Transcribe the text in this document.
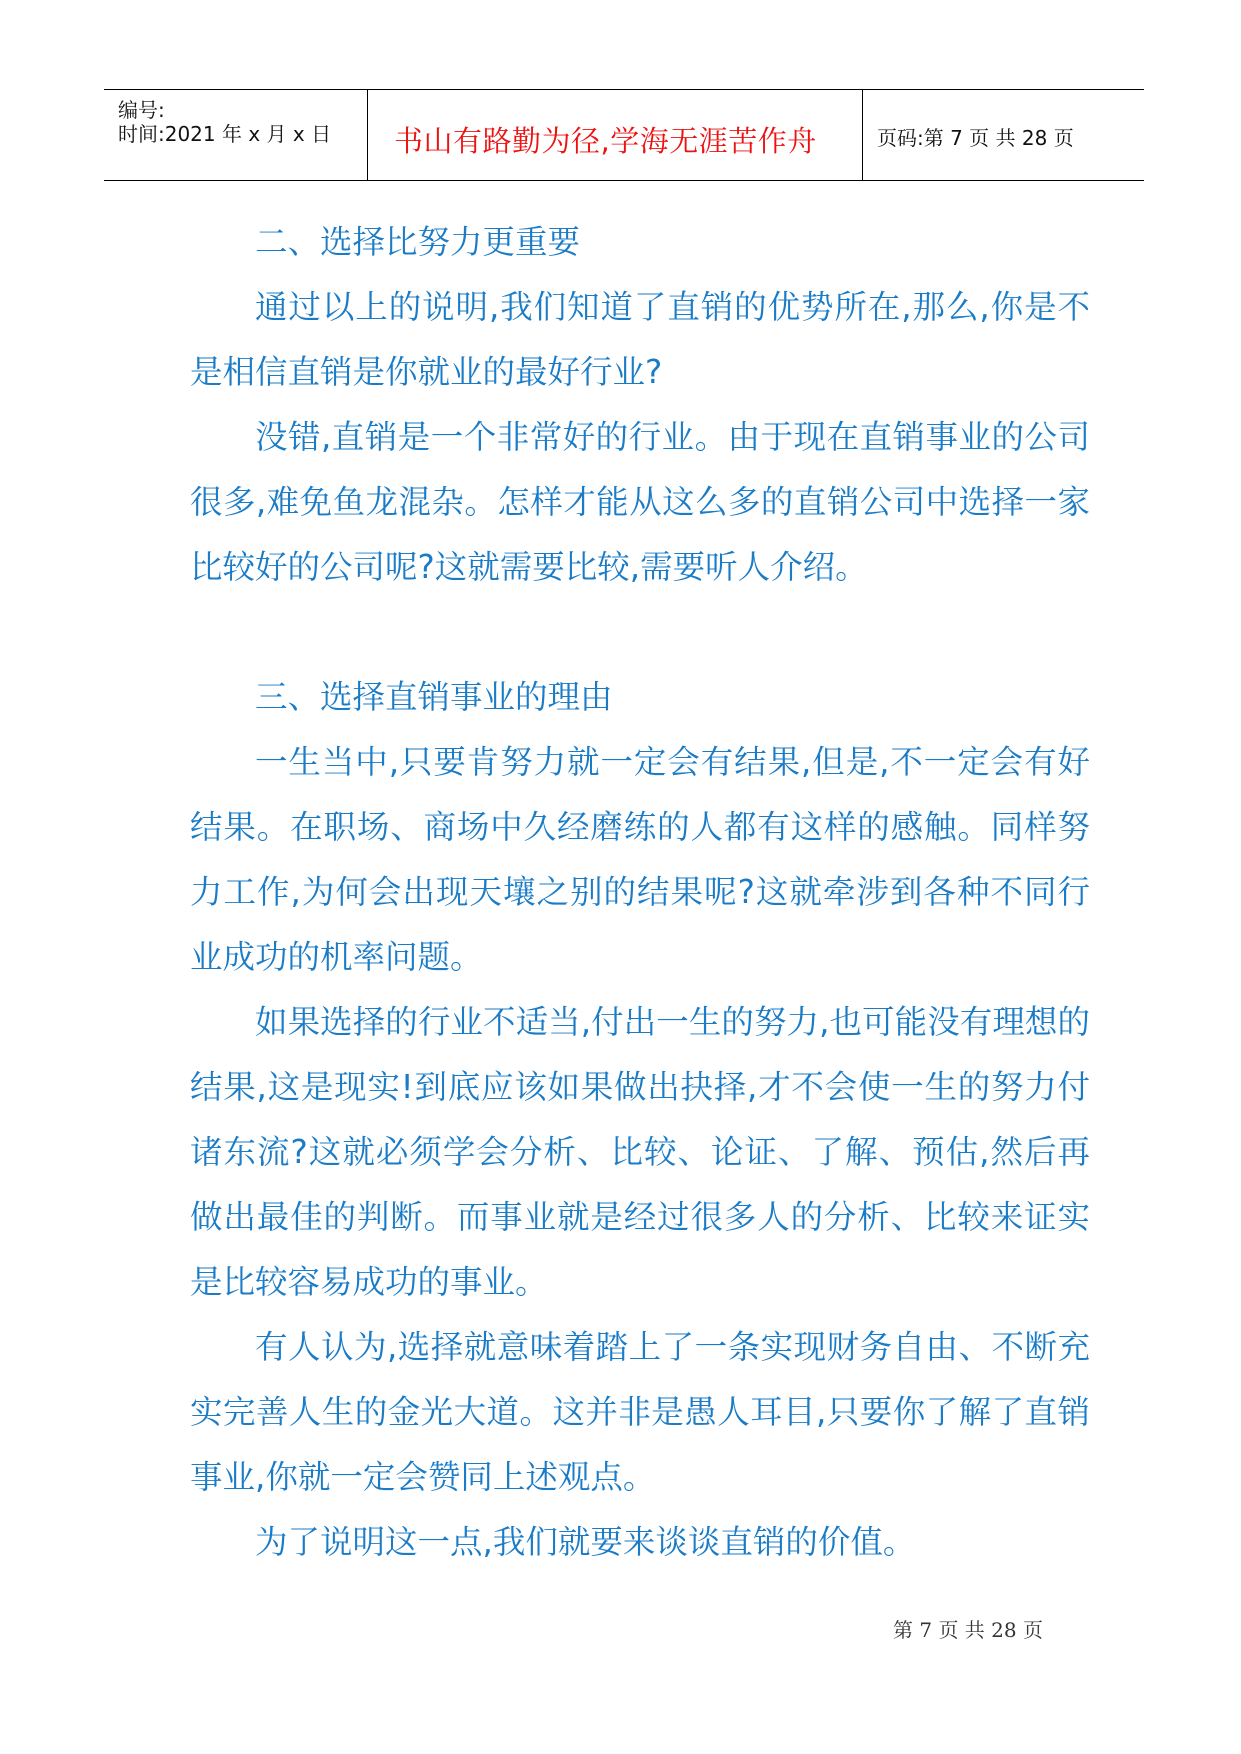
编号:
时间:2021 年 x 月 x 日 书山有路勤为径,学海无涯苦作舟	页码:第 7 页 共 28 页

二、选择比努力更重要

通过以上的说明,我们知道了直销的优势所在,那么,你是不是相信直销是你就业的最好行业?

没错,直销是一个非常好的行业。由于现在直销事业的公司很多,难免鱼龙混杂。怎样才能从这么多的直销公司中选择一家比较好的公司呢?这就需要比较,需要听人介绍。

三、选择直销事业的理由

一生当中,只要肯努力就一定会有结果,但是,不一定会有好结果。在职场、商场中久经磨练的人都有这样的感触。同样努力工作,为何会出现天壤之别的结果呢?这就牵涉到各种不同行业成功的机率问题。

如果选择的行业不适当,付出一生的努力,也可能没有理想的结果,这是现实!到底应该如果做出抉择,才不会使一生的努力付诸东流?这就必须学会分析、比较、论证、了解、预估,然后再做出最佳的判断。而事业就是经过很多人的分析、比较来证实是比较容易成功的事业。

有人认为,选择就意味着踏上了一条实现财务自由、不断充实完善人生的金光大道。这并非是愚人耳目,只要你了解了直销事业,你就一定会赞同上述观点。

为了说明这一点,我们就要来谈谈直销的价值。

第 7 页 共 28 页
